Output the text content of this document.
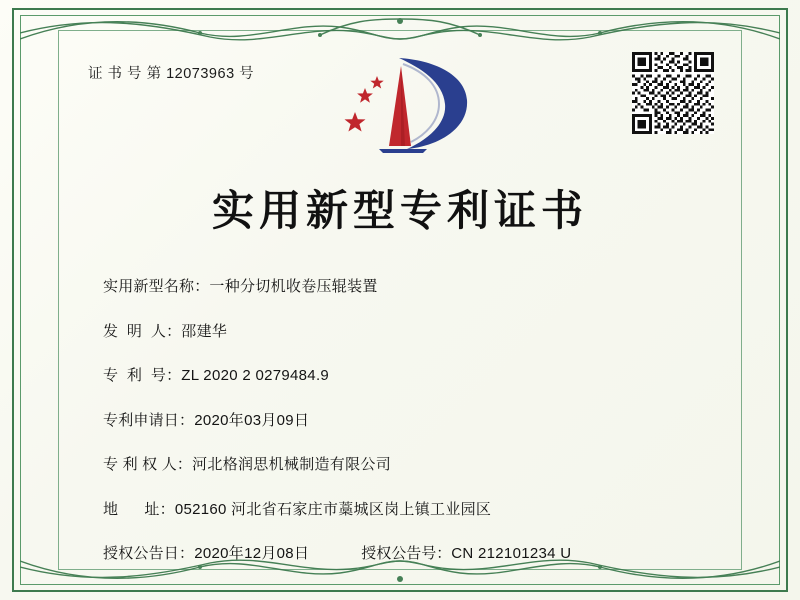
证 书 号 第 12073963 号
实用新型专利证书
实用新型名称： 一种分切机收卷压辊装置
发  明  人： 邵建华
专  利  号： ZL 2020 2 0279484.9
专利申请日： 2020年03月09日
专 利 权 人： 河北格润思机械制造有限公司
地      址： 052160 河北省石家庄市藁城区岗上镇工业园区
授权公告日： 2020年12月08日	授权公告号： CN 212101234 U
